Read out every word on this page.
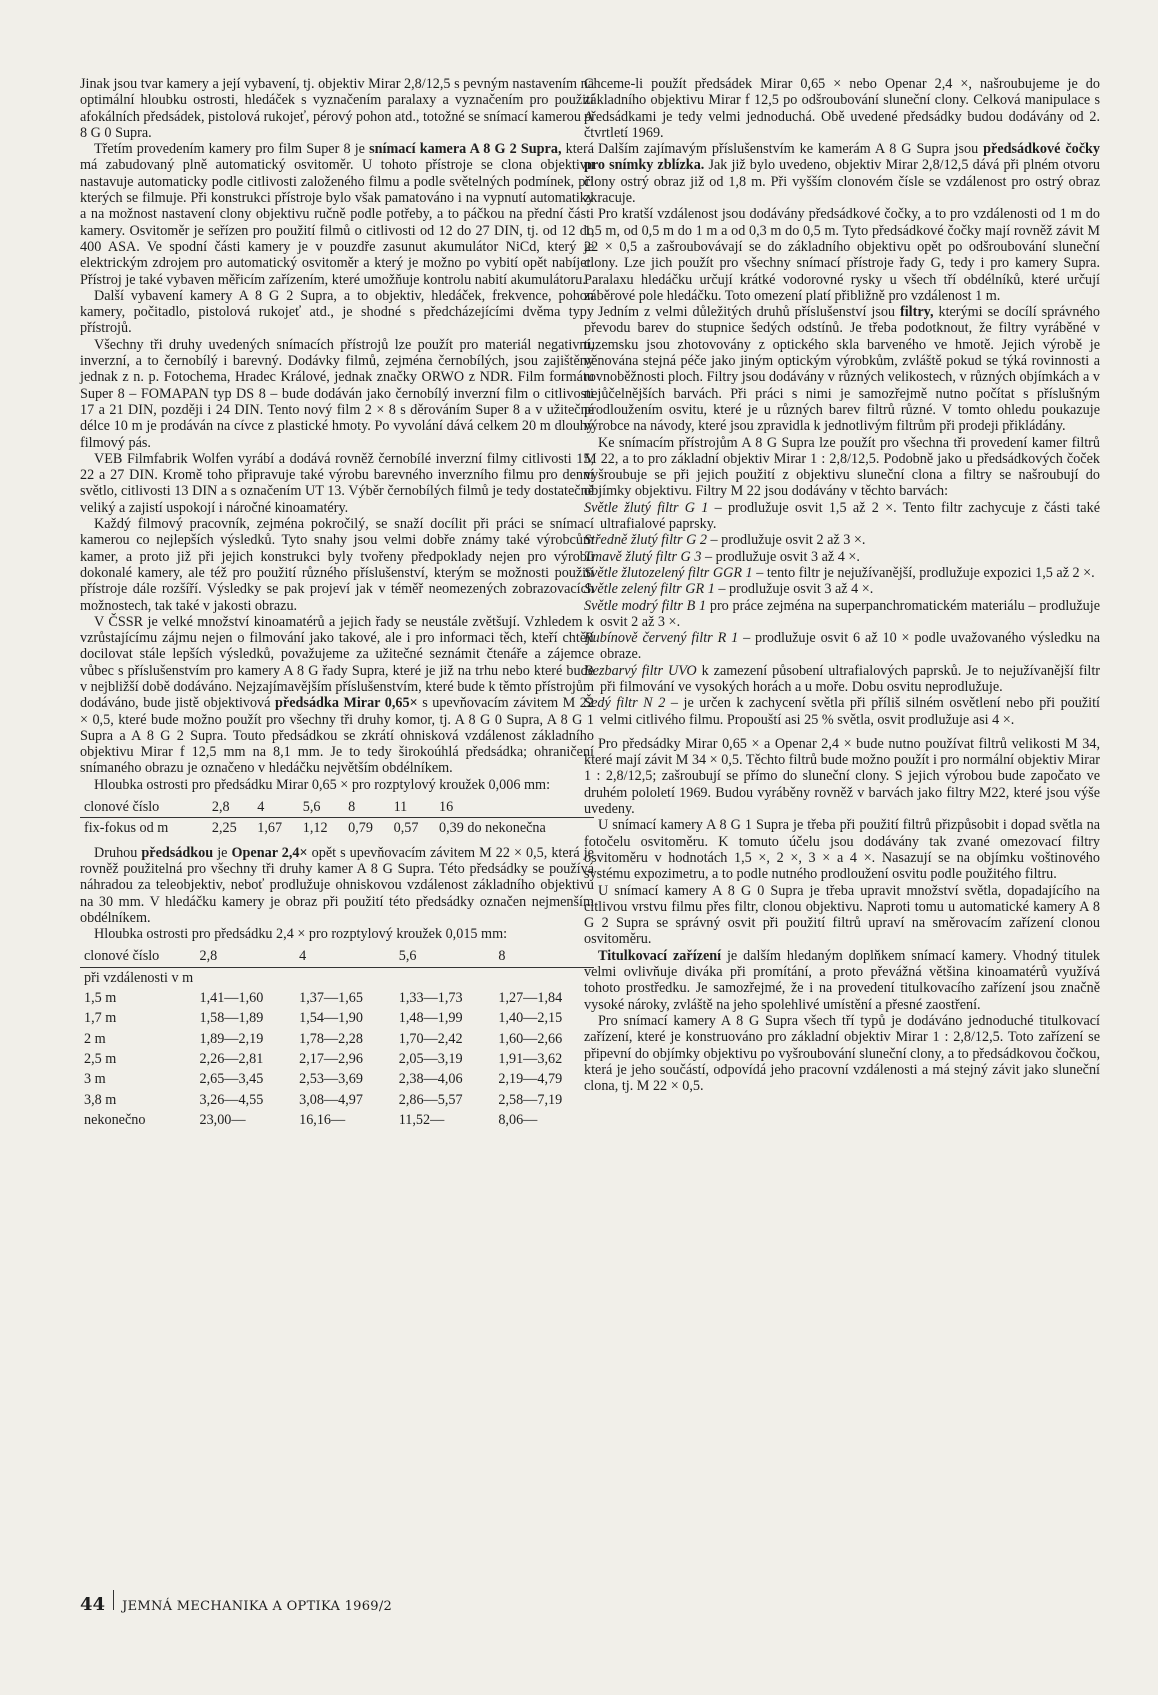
Jinak jsou tvar kamery a její vybavení, tj. objektiv Mirar 2,8/12,5 s pevným nastavením na optimální hloubku ostrosti, hledáček s vyznačením paralaxy a vyznačením pro použití afokálních předsádek, pistolová rukojeť, pérový pohon atd., totožné se snímací kamerou A 8 G 0 Supra.

Třetím provedením kamery pro film Super 8 je snímací kamera A 8 G 2 Supra, která má zabudovaný plně automatický osvitoměr. U tohoto přístroje se clona objektivu nastavuje automaticky podle citlivosti založeného filmu a podle světelných podmínek, při kterých se filmuje. Při konstrukci přístroje bylo však pamatováno i na vypnutí automatiky a na možnost nastavení clony objektivu ručně podle potřeby, a to páčkou na přední části kamery. Osvitoměr je seřízen pro použití filmů o citlivosti od 12 do 27 DIN, tj. od 12 do 400 ASA. Ve spodní části kamery je v pouzdře zasunut akumulátor NiCd, který je elektrickým zdrojem pro automatický osvitoměr a který je možno po vybití opět nabíjet. Přístroj je také vybaven měřicím zařízením, které umožňuje kontrolu nabití akumulátoru.

Další vybavení kamery A 8 G 2 Supra, a to objektiv, hledáček, frekvence, pohon kamery, počitadlo, pistolová rukojeť atd., je shodné s předcházejícími dvěma typy přístrojů.

Všechny tři druhy uvedených snímacích přístrojů lze použít pro materiál negativní, inverzní, a to černobílý i barevný. Dodávky filmů, zejména černobílých, jsou zajištěny jednak z n. p. Fotochema, Hradec Králové, jednak značky ORWO z NDR. Film formátu Super 8 – FOMAPAN typ DS 8 – bude dodáván jako černobílý inverzní film o citlivosti 17 a 21 DIN, později i 24 DIN. Tento nový film 2 × 8 s děrováním Super 8 a v užitečné délce 10 m je prodáván na cívce z plastické hmoty. Po vyvolání dává celkem 20 m dlouhý filmový pás.

VEB Filmfabrik Wolfen vyrábí a dodává rovněž černobílé inverzní filmy citlivosti 15, 22 a 27 DIN. Kromě toho připravuje také výrobu barevného inverzního filmu pro denní světlo, citlivosti 13 DIN a s označením UT 13. Výběr černobílých filmů je tedy dostatečně veliký a zajistí uspokojí i náročné kinoamatéry.

Každý filmový pracovník, zejména pokročilý, se snaží docílit při práci se snímací kamerou co nejlepších výsledků. Tyto snahy jsou velmi dobře známy také výrobcům kamer, a proto již při jejich konstrukci byly tvořeny předpoklady nejen pro výrobu dokonalé kamery, ale též pro použití různého příslušenství, kterým se možnosti použití přístroje dále rozšíří. Výsledky se pak projeví jak v téměř neomezených zobrazovacích možnostech, tak také v jakosti obrazu.

V ČSSR je velké množství kinoamatérů a jejich řady se neustále zvětšují. Vzhledem k vzrůstajícímu zájmu nejen o filmování jako takové, ale i pro informaci těch, kteří chtějí docilovat stále lepších výsledků, považujeme za užitečné seznámit čtenáře a zájemce vůbec s příslušenstvím pro kamery A 8 G řady Supra, které je již na trhu nebo které bude v nejbližší době dodáváno. Nejzajímavějším příslušenstvím, které bude k těmto přístrojům dodáváno, bude jistě objektivová předsádka Mirar 0,65× s upevňovacím závitem M 22 × 0,5, které bude možno použít pro všechny tři druhy komor, tj. A 8 G 0 Supra, A 8 G 1 Supra a A 8 G 2 Supra. Touto předsádkou se zkrátí ohnisková vzdálenost základního objektivu Mirar f 12,5 mm na 8,1 mm. Je to tedy širokoúhlá předsádka; ohraničení snímaného obrazu je označeno v hledáčku největším obdélníkem.

Hloubka ostrosti pro předsádku Mirar 0,65 × pro rozptylový kroužek 0,006 mm:

clonové číslo	2,8	4	5,6	8	11	16
fix-fokus od m	2,25	1,67	1,12	0,79	0,57	0,39 do nekonečna

Druhou předsádkou je Openar 2,4× opět s upevňovacím závitem M 22 × 0,5, která je rovněž použitelná pro všechny tři druhy kamer A 8 G Supra. Této předsádky se používá náhradou za teleobjektiv, neboť prodlužuje ohniskovou vzdálenost základního objektivu na 30 mm. V hledáčku kamery je obraz při použití této předsádky označen nejmenším obdélníkem.

Hloubka ostrosti pro předsádku 2,4 × pro rozptylový kroužek 0,015 mm:

clonové číslo	2,8	4	5,6	8
při vzdálenosti v m				
1,5 m	1,41—1,60	1,37—1,65	1,33—1,73	1,27—1,84
1,7 m	1,58—1,89	1,54—1,90	1,48—1,99	1,40—2,15
2 m	1,89—2,19	1,78—2,28	1,70—2,42	1,60—2,66
2,5 m	2,26—2,81	2,17—2,96	2,05—3,19	1,91—3,62
3 m	2,65—3,45	2,53—3,69	2,38—4,06	2,19—4,79
3,8 m	3,26—4,55	3,08—4,97	2,86—5,57	2,58—7,19
nekonečno	23,00—	16,16—	11,52—	8,06—

Chceme-li použít předsádek Mirar 0,65 × nebo Openar 2,4 ×, našroubujeme je do základního objektivu Mirar f 12,5 po odšroubování sluneční clony. Celková manipulace s předsádkami je tedy velmi jednoduchá. Obě uvedené předsádky budou dodávány od 2. čtvrtletí 1969.

Dalším zajímavým příslušenstvím ke kamerám A 8 G Supra jsou předsádkové čočky pro snímky zblízka. Jak již bylo uvedeno, objektiv Mirar 2,8/12,5 dává při plném otvoru clony ostrý obraz již od 1,8 m. Při vyšším clonovém čísle se vzdálenost pro ostrý obraz zkracuje.

Pro kratší vzdálenost jsou dodávány předsádkové čočky, a to pro vzdálenosti od 1 m do 1,5 m, od 0,5 m do 1 m a od 0,3 m do 0,5 m. Tyto předsádkové čočky mají rovněž závit M 22 × 0,5 a zašroubovávají se do základního objektivu opět po odšroubování sluneční clony. Lze jich použít pro všechny snímací přístroje řady G, tedy i pro kamery Supra. Paralaxu hledáčku určují krátké vodorovné rysky u všech tří obdélníků, které určují záběrové pole hledáčku. Toto omezení platí přibližně pro vzdálenost 1 m.

Jedním z velmi důležitých druhů příslušenství jsou filtry, kterými se docílí správného převodu barev do stupnice šedých odstínů. Je třeba podotknout, že filtry vyráběné v tuzemsku jsou zhotovovány z optického skla barveného ve hmotě. Jejich výrobě je věnována stejná péče jako jiným optickým výrobkům, zvláště pokud se týká rovinnosti a rovnoběžnosti ploch. Filtry jsou dodávány v různých velikostech, v různých objímkách a v nejůčelnějších barvách. Při práci s nimi je samozřejmě nutno počítat s příslušným prodloužením osvitu, které je u různých barev filtrů různé. V tomto ohledu poukazuje výrobce na návody, které jsou zpravidla k jednotlivým filtrům při prodeji přikládány.

Ke snímacím přístrojům A 8 G Supra lze použít pro všechna tři provedení kamer filtrů M 22, a to pro základní objektiv Mirar 1 : 2,8/12,5. Podobně jako u předsádkových čoček vyšroubuje se při jejich použití z objektivu sluneční clona a filtry se našroubují do objímky objektivu. Filtry M 22 jsou dodávány v těchto barvách:

Světle žlutý filtr G 1 – prodlužuje osvit 1,5 až 2 ×. Tento filtr zachycuje z části také ultrafialové paprsky.

Středně žlutý filtr G 2 – prodlužuje osvit 2 až 3 ×.

Tmavě žlutý filtr G 3 – prodlužuje osvit 3 až 4 ×.

Světle žlutozelený filtr GGR 1 – tento filtr je nejužívanější, prodlužuje expozici 1,5 až 2 ×.

Světle zelený filtr GR 1 – prodlužuje osvit 3 až 4 ×.

Světle modrý filtr B 1 pro práce zejména na superpanchromatickém materiálu – prodlužuje osvit 2 až 3 ×.

Rubínově červený filtr R 1 – prodlužuje osvit 6 až 10 × podle uvažovaného výsledku na obraze.

Bezbarvý filtr UVO k zamezení působení ultrafialových paprsků. Je to nejužívanější filtr při filmování ve vysokých horách a u moře. Dobu osvitu neprodlužuje.

Šedý filtr N 2 – je určen k zachycení světla při příliš silném osvětlení nebo při použití velmi citlivého filmu. Propouští asi 25 % světla, osvit prodlužuje asi 4 ×.

Pro předsádky Mirar 0,65 × a Openar 2,4 × bude nutno používat filtrů velikosti M 34, které mají závit M 34 × 0,5. Těchto filtrů bude možno použít i pro normální objektiv Mirar 1 : 2,8/12,5; zašroubují se přímo do sluneční clony. S jejich výrobou bude započato ve druhém pololetí 1969. Budou vyráběny rovněž v barvách jako filtry M22, které jsou výše uvedeny.

U snímací kamery A 8 G 1 Supra je třeba při použití filtrů přizpůsobit i dopad světla na fotočelu osvitoměru. K tomuto účelu jsou dodávány tak zvané omezovací filtry osvitoměru v hodnotách 1,5 ×, 2 ×, 3 × a 4 ×. Nasazují se na objímku voštinového systému expozimetru, a to podle nutného prodloužení osvitu podle použitého filtru.

U snímací kamery A 8 G 0 Supra je třeba upravit množství světla, dopadajícího na citlivou vrstvu filmu přes filtr, clonou objektivu. Naproti tomu u automatické kamery A 8 G 2 Supra se správný osvit při použití filtrů upraví na směrovacím zařízení clonou osvitoměru.

Titulkovací zařízení je dalším hledaným doplňkem snímací kamery. Vhodný titulek velmi ovlivňuje diváka při promítání, a proto převážná většina kinoamatérů využívá tohoto prostředku. Je samozřejmé, že i na provedení titulkovacího zařízení jsou značně vysoké nároky, zvláště na jeho spolehlivé umístění a přesné zaostření.

Pro snímací kamery A 8 G Supra všech tří typů je dodáváno jednoduché titulkovací zařízení, které je konstruováno pro základní objektiv Mirar 1 : 2,8/12,5. Toto zařízení se připevní do objímky objektivu po vyšroubování sluneční clony, a to předsádkovou čočkou, která je jeho součástí, odpovídá jeho pracovní vzdálenosti a má stejný závit jako sluneční clona, tj. M 22 × 0,5.

44 JEMNÁ MECHANIKA A OPTIKA 1969/2
